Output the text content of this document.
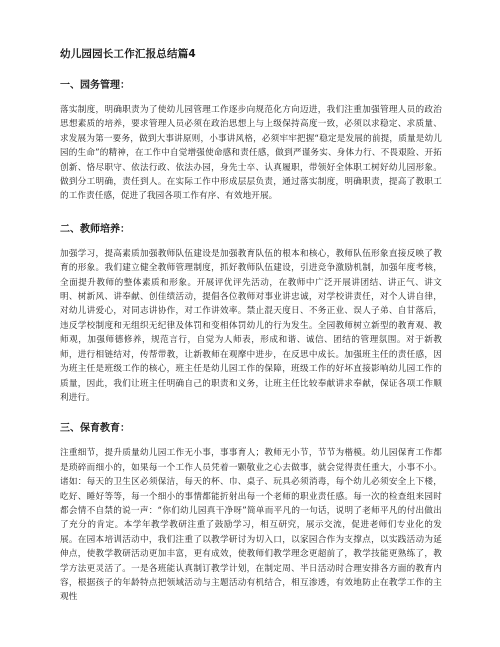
幼儿园园长工作汇报总结篇4
一、园务管理：
落实制度，明确职责为了使幼儿园管理工作逐步向规范化方向迈进，我们注重加强管理人员的政治思想素质的培养，要求管理人员必须在政治思想上与上级保持高度一致，必须以求稳定、求质量、求发展为第一要务，做到大事讲原则，小事讲风格，必须牢牢把握“稳定是发展的前提，质量是幼儿园的生命”的精神，在工作中自觉增强使命感和责任感，做到严谨务实、身体力行、不畏艰险、开拓创新、恪尽职守、依法行政、依法办园，身先士卒、认真履职，带领好全体职工树好幼儿园形象。做到分工明确，责任到人。在实际工作中形成层层负责，通过落实制度，明确职责，提高了教职工的工作责任感，促进了我园各项工作有序、有效地开展。
二、教师培养：
加强学习，提高素质加强教师队伍建设是加强教育队伍的根本和核心，教师队伍形象直接反映了教育的形象。我们建立健全教师管理制度，抓好教师队伍建设，引进竞争激励机制，加强年度考核，全面提升教师的整体素质和形象。开展评优评先活动，在教师中广泛开展讲团结、讲正气、讲文明、树新风、讲奉献、创佳绩活动，提倡各位教师对事业讲忠诚，对学校讲责任，对个人讲自律，对幼儿讲爱心，对同志讲协作，对工作讲效率。禁止混天度日、不务正业、误人子弟、自甘落后，违反学校制度和无组织无纪律及体罚和变相体罚幼儿的行为发生。全园教师树立新型的教育观、教师观，加强师德修养，规范言行，自觉为人师表，形成和谐、诚信、团结的管理氛围。对于新教师，进行相链结对，传帮带教，让新教师在观摩中进步，在反思中成长。加强班主任的责任感，因为班主任是班级工作的核心，班主任是幼儿园工作的保障，班级工作的好坏直接影响幼儿园工作的质量，因此，我们让班主任明确自己的职责和义务，让班主任比较奉献讲求奉献，保证各项工作顺利进行。
三、保育教育：
注重细节，提升质量幼儿园工作无小事，事事育人；教师无小节，节节为楷模。幼儿园保育工作都是琐碎而细小的，如果每一个工作人员凭着一颗敬业之心去做事，就会觉得责任重大，小事不小。诸如：每天的卫生区必须保洁，每天的杯、巾、桌子、玩具必须消毒，每个幼儿必须安全上下楼，吃好、睡好等等，每一个细小的事情都能折射出每一个老师的职业责任感。每一次的检查组来园时都会情不自禁的说一声：“你们幼儿园真干净呀”简单而平凡的一句话，说明了老师平凡的付出做出了充分的肯定。本学年教学教研注重了鼓励学习，相互研究，展示交流，促进老师们专业化的发展。在园本培训活动中，我们注重了以教学研讨为切入口，以家园合作为支撑点，以实践活动为延伸点，使教学教研活动更加丰富，更有成效，使教师们教学理念更超前了，教学技能更熟练了，教学方法更灵活了。一是各班能认真制订教学计划，在制定周、半日活动时合理安排各方面的教育内容，根据孩子的年龄特点把领域活动与主题活动有机结合，相互渗透，有效地防止在教学工作的主观性
